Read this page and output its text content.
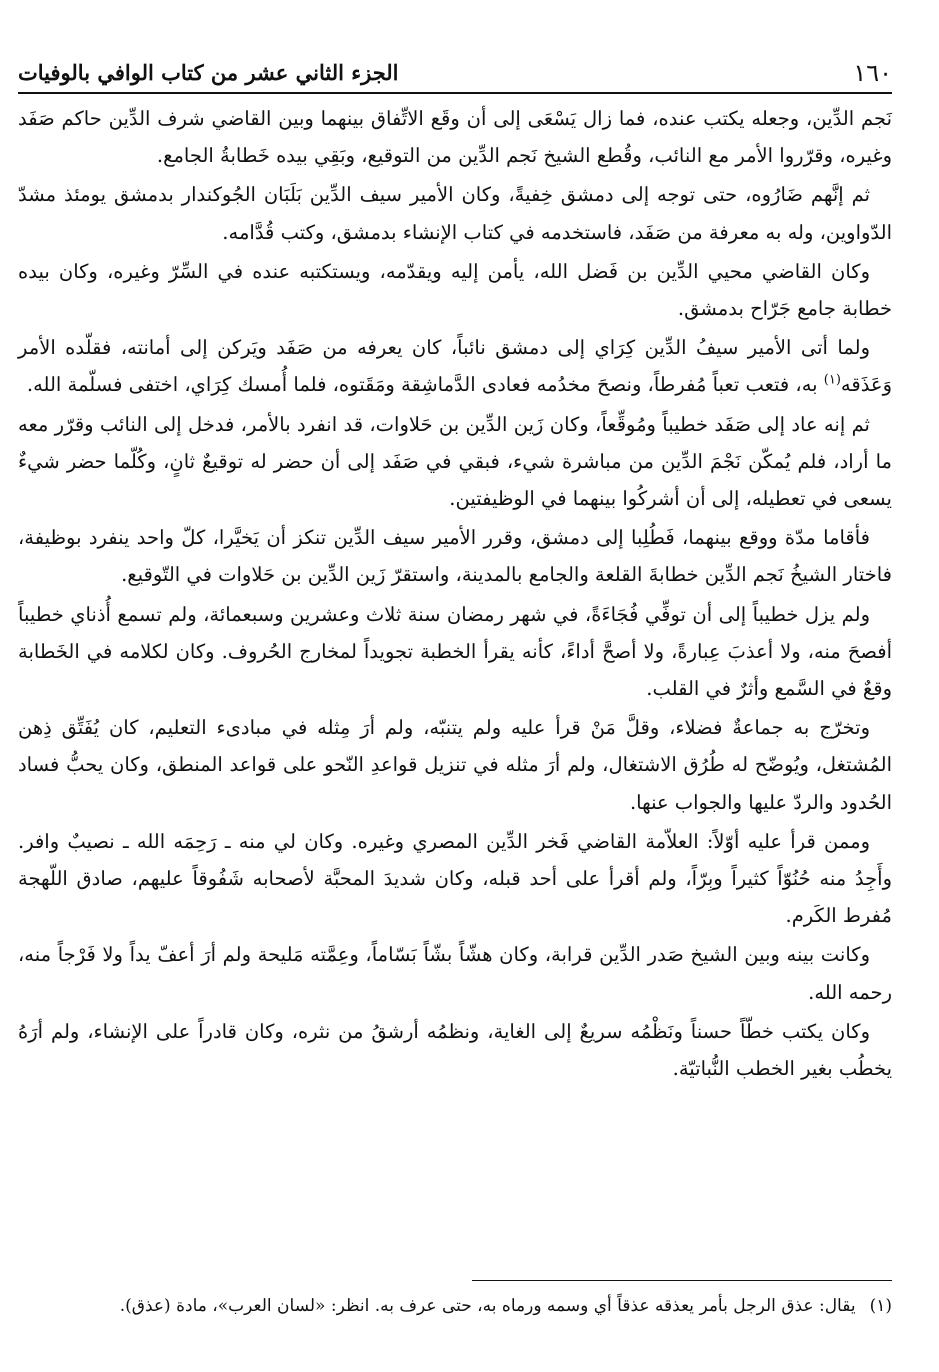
١٦٠
الجزء الثاني عشر من كتاب الوافي بالوفيات

نَجم الدِّين، وجعله يكتب عنده، فما زال يَسْعَى إلى أن وقَع الاتِّفاق بينهما وبين القاضي شرف الدِّين حاكم صَفَد وغيره، وقرّروا الأمر مع النائب، وقُطع الشيخ نَجم الدِّين من التوقيع، وبَقِي بيده خَطابةُ الجامع.

ثم إنَّهم ضَارُوه، حتى توجه إلى دمشق خِفيةً، وكان الأمير سيف الدِّين بَلَبَان الجُوكندار بدمشق يومئذ مشدّ الدّواوين، وله به معرفة من صَفَد، فاستخدمه في كتاب الإنشاء بدمشق، وكتب قُدَّامه.

وكان القاضي محيي الدِّين بن فَضل الله، يأمن إليه ويقدّمه، ويستكتبه عنده في السِّرّ وغيره، وكان بيده خطابة جامع جَرّاح بدمشق.

ولما أتى الأمير سيفُ الدِّين كِرَاي إلى دمشق نائباً، كان يعرفه من صَفَد ويَركن إلى أمانته، فقلّده الأمر وَعَذَقه$^{(١)}$ به، فتعب تعباً مُفرطاً، ونصحَ مخدُمه فعادى الدَّماشِقة ومَقَتوه، فلما أُمسك كِرَاي، اختفى فسلّمة الله.

ثم إنه عاد إلى صَفَد خطيباً ومُوقِّعاً، وكان زَين الدِّين بن حَلاوات، قد انفرد بالأمر، فدخل إلى النائب وقرّر معه ما أراد، فلم يُمكّن نَجْمَ الدِّين من مباشرة شيء، فبقي في صَفَد إلى أن حضر له توقيعٌ ثانٍ، وكُلّما حضر شيءٌ يسعى في تعطيله، إلى أن أشركُوا بينهما في الوظيفتين.

فأقاما مدّة ووقع بينهما، فَطُلِبا إلى دمشق، وقرر الأمير سيف الدِّين تنكز أن يَخيَّرا، كلّ واحد ينفرد بوظيفة، فاختار الشيخُ نَجم الدِّين خطابةَ القلعة والجامع بالمدينة، واستقرّ زَين الدِّين بن حَلاوات في التّوقيع.

ولم يزل خطيباً إلى أن توفِّي فُجَاءَةً، في شهر رمضان سنة ثلاث وعشرين وسبعمائة، ولم تسمع أُذناي خطيباً أفصحَ منه، ولا أعذبَ عِبارةً، ولا أصحَّ أداءً، كأنه يقرأ الخطبة تجويداً لمخارج الحُروف. وكان لكلامه في الخَطابة وقعٌ في السَّمع وأثرٌ في القلب.

وتخرّج به جماعةٌ فضلاء، وقلَّ مَنْ قرأ عليه ولم يتنبّه، ولم أرَ مِثله في مبادىء التعليم، كان يُفَتِّق ذِهن المُشتغل، ويُوضّح له طُرُق الاشتغال، ولم أرَ مثله في تنزيل قواعدِ النّحو على قواعد المنطق، وكان يحبُّ فساد الحُدود والردّ عليها والجواب عنها.

وممن قرأ عليه أوّلاً: العلاّمة القاضي فَخر الدِّين المصري وغيره. وكان لي منه ـ رَحِمَه الله ـ نصيبٌ وافر. وأَجِدُ منه حُنُوّاً كثيراً وبِرّاً، ولم أقرأ على أحد قبله، وكان شديدَ المحبَّة لأصحابه شَفُوقاً عليهم، صادق اللّهجة مُفرط الكَرم.

وكانت بينه وبين الشيخ صَدر الدِّين قرابة، وكان هشّاً بشّاً بَسّاماً، وعِمَّته مَليحة ولم أرَ أعفّ يداً ولا فَرْجاً منه، رحمه الله.

وكان يكتب خطّاً حسناً ونَظْمُه سريعٌ إلى الغاية، ونظمُه أرشقُ من نثره، وكان قادراً على الإنشاء، ولم أرَهُ يخطُب بغير الخطب النُّباتيّة.

(١)يقال: عذق الرجل بأمر يعذقه عذقاً أي وسمه ورماه به، حتى عرف به. انظر: «لسان العرب»، مادة (عذق).
